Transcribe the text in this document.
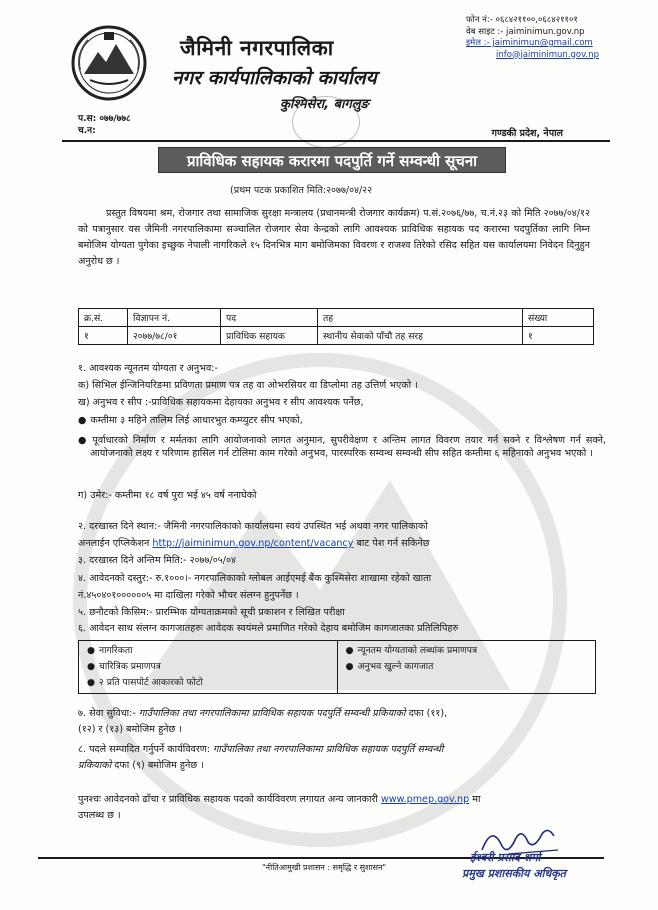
जैमिनी नगरपालिका
नगर कार्यपालिकाको कार्यालय
कुश्मिसेरा, बागलुङ
फोन नं:- ०६८४२११००,०६८४२११०१
वेब साइट :- jaiminimun.gov.np
इमेल :- jaiminimun@gmail.com
info@jaiminimun.gov.np
प.स: ०७७/७७८
च.न:	गण्डकी प्रदेश, नेपाल
प्राविधिक सहायक करारमा पदपुर्ति गर्ने सम्वन्धी सूचना
(प्रथम पटक प्रकाशित मिति:२०७७/०४/२२
प्रस्तुत विषयमा श्रम, रोजगार तथा सामाजिक सुरक्षा मन्त्रालय (प्रधानमन्त्री रोजगार कार्यक्रम) प.सं.२०७६/७७, च.नं.२३ को मिति २०७७/०४/१२ को पत्रानुसार यस जैमिनी नगरपालिकामा सञ्चालित रोजगार सेवा केन्द्रको लागि आवश्यक प्राविधिक सहायक पद करारमा पदपुर्तिका लागि निम्न बमोजिम योग्यता पुगेका इच्छुक नेपाली नागरिकले १५ दिनभित्र माग बमोजिमका विवरण र राजश्व तिरेको रसिद सहित यस कार्यालयमा निवेदन दिनुहुन अनुरोध छ ।
क्र.सं.	विज्ञापन नं.	पद	तह	संख्या
१	२०७७/७८/०१	प्राविधिक सहायक	स्थानीय सेवाको पाँचौ तह सरह	१
१. आवश्यक न्यूनतम योग्यता र अनुभव:-
क) सिभिल ईन्जिनियरिङमा प्रविणता प्रमाण पत्र तह वा ओभरसियर वा डिप्लोमा तह उत्तिर्ण भएको ।
ख) अनुभव र सीप :-प्राविधिक सहायकमा देहायका अनुभव र सीप आवश्यक पर्नेछ,
● कम्तीमा ३ महिने तालिम लिई आधारभुत कम्प्युटर सीप भएको,
● पूर्वाधारको निर्माण र मर्मतका लागि आयोजनाको लागत अनुमान, सुपरीवेक्षण र अन्तिम लागत विवरण तयार गर्न सक्ने र विश्लेषण गर्न सक्ने, आयोजनाको लक्ष्य र परिणाम हासिल गर्न टोलिमा काम गरेको अनुभव, पारस्परिक सम्वन्ध सम्वन्धी सीप सहित कम्तीमा ६ महिनाको अनुभव भएको ।
ग) उमेर:- कम्तीमा १८ वर्ष पुरा भई ४५ वर्ष ननाघेको
२. दरखास्त दिने स्थान:- जैमिनी नगरपालिकाको कार्यालयमा स्वयं उपस्थित भई अथवा नगर पालिकाको
अनलाईन एप्लिकेशन http://jaiminimun.gov.np/content/vacancy बाट पेश गर्न सकिनेछ
३. दरखास्त दिने अन्तिम मिति:- २०७७/०५/०४
४. आवेदनको दस्तुर:- रु.१०००।- नगरपालिकाको ग्लोबल आईएमई बैंक कुश्मिसेरा शाखामा रहेको खाता
नं.४५०४०१००००००५ मा दाखिला गरेको भौचर संलग्न हुनुपर्नेछ ।
● नागरिकता
● चारित्रिक प्रमाणपत्र
● २ प्रति पासपोर्ट आकारको फोटो

● न्यूनतम योग्यताको लब्धांक प्रमाणपत्र
● अनुभव खुल्ने कागजात
५. छनौटको किसिम:- प्रारम्भिक योग्यताक्रमको सूची प्रकाशन र लिखित परीक्षा
६. आवेदन साथ संलग्न कागजातहरुः आवेदक स्वयंमले प्रमाणित गरेको देहाय बमोजिम कागजातका प्रतिलिपिहरु
७. सेवा सुविधा:- गाउँपालिका तथा नगरपालिकामा प्राविधिक सहायक पदपुर्ति सम्वन्धी प्रकियाको दफा (११),
(१२) र (१३) बमोजिम हुनेछ ।
८. पदले सम्पादित गर्नुपर्ने कार्यविवरण: गाउँपालिका तथा नगरपालिकामा प्राविधिक सहायक पदपुर्ति सम्वन्धी
प्रकियाको दफा (९) बमोजिम हुनेछ ।
पुनश्चः आवेदनको ढाँचा र प्राविधिक सहायक पदको कार्यविवरण लगायत अन्य जानकारी www.pmep.gov.np मा
उपलब्ध छ ।
"नीतिआमुखी प्रशासन : समृद्धि र सुशासन"
ईश्वरी प्रसाद शर्मा
प्रमुख प्रशासकीय अधिकृत
